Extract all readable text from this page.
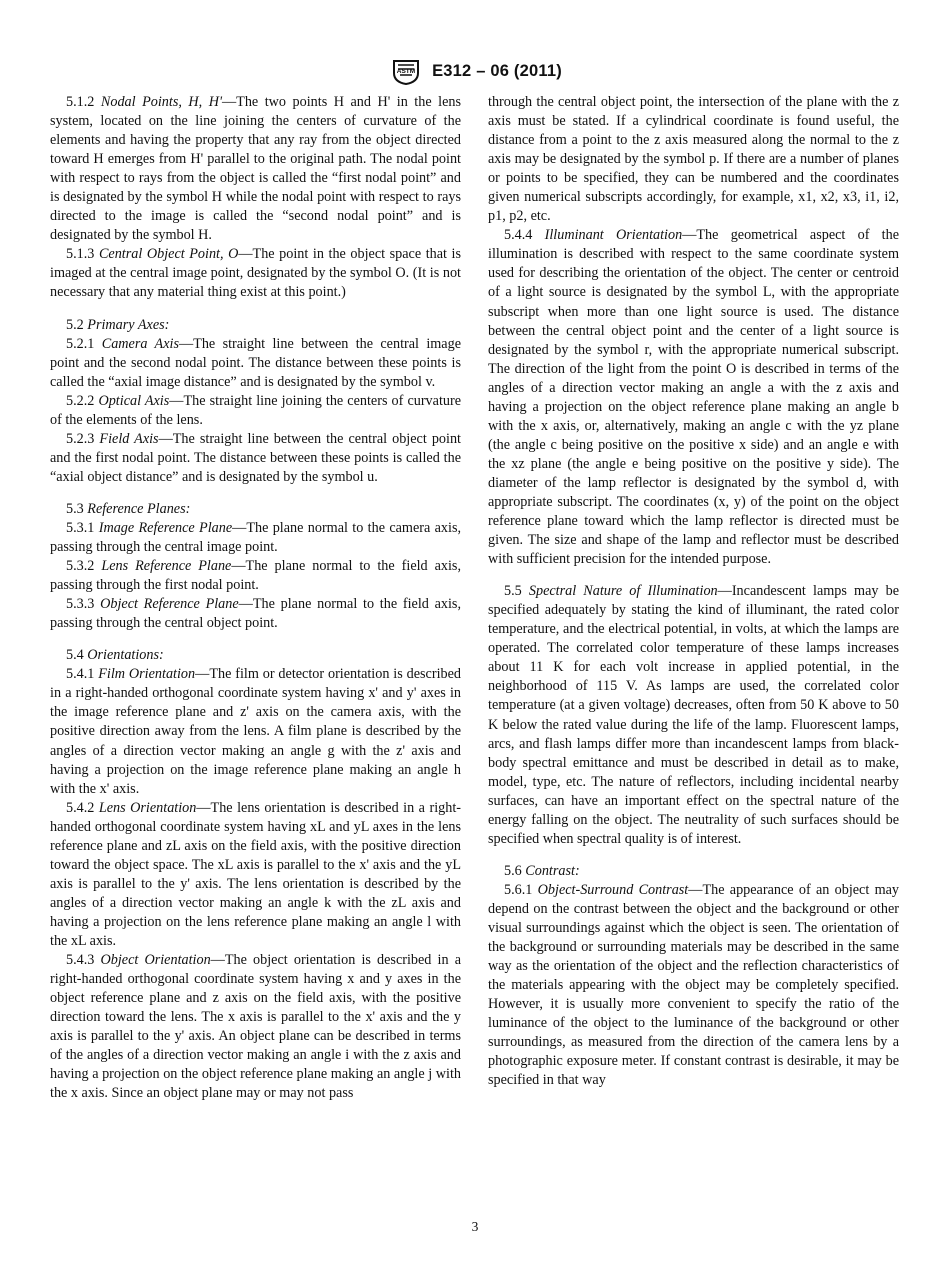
ASTM E312 – 06 (2011)

5.1.2 Nodal Points, H, H'—The two points H and H' in the lens system, located on the line joining the centers of curvature of the elements and having the property that any ray from the object directed toward H emerges from H' parallel to the original path. The nodal point with respect to rays from the object is called the “first nodal point” and is designated by the symbol H while the nodal point with respect to rays directed to the image is called the “second nodal point” and is designated by the symbol H.

5.1.3 Central Object Point, O—The point in the object space that is imaged at the central image point, designated by the symbol O. (It is not necessary that any material thing exist at this point.)

5.2 Primary Axes:

5.2.1 Camera Axis—The straight line between the central image point and the second nodal point. The distance between these points is called the “axial image distance” and is designated by the symbol v.

5.2.2 Optical Axis—The straight line joining the centers of curvature of the elements of the lens.

5.2.3 Field Axis—The straight line between the central object point and the first nodal point. The distance between these points is called the “axial object distance” and is designated by the symbol u.

5.3 Reference Planes:

5.3.1 Image Reference Plane—The plane normal to the camera axis, passing through the central image point.

5.3.2 Lens Reference Plane—The plane normal to the field axis, passing through the first nodal point.

5.3.3 Object Reference Plane—The plane normal to the field axis, passing through the central object point.

5.4 Orientations:

5.4.1 Film Orientation—The film or detector orientation is described in a right-handed orthogonal coordinate system having x' and y' axes in the image reference plane and z' axis on the camera axis, with the positive direction away from the lens. A film plane is described by the angles of a direction vector making an angle g with the z' axis and having a projection on the image reference plane making an angle h with the x' axis.

5.4.2 Lens Orientation—The lens orientation is described in a right-handed orthogonal coordinate system having xL and yL axes in the lens reference plane and zL axis on the field axis, with the positive direction toward the object space. The xL axis is parallel to the x' axis and the yL axis is parallel to the y' axis. The lens orientation is described by the angles of a direction vector making an angle k with the zL axis and having a projection on the lens reference plane making an angle l with the xL axis.

5.4.3 Object Orientation—The object orientation is described in a right-handed orthogonal coordinate system having x and y axes in the object reference plane and z axis on the field axis, with the positive direction toward the lens. The x axis is parallel to the x' axis and the y axis is parallel to the y' axis. An object plane can be described in terms of the angles of a direction vector making an angle i with the z axis and having a projection on the object reference plane making an angle j with the x axis. Since an object plane may or may not pass

through the central object point, the intersection of the plane with the z axis must be stated. If a cylindrical coordinate is found useful, the distance from a point to the z axis measured along the normal to the z axis may be designated by the symbol p. If there are a number of planes or points to be specified, they can be numbered and the coordinates given numerical subscripts accordingly, for example, x1, x2, x3, i1, i2, p1, p2, etc.

5.4.4 Illuminant Orientation—The geometrical aspect of the illumination is described with respect to the same coordinate system used for describing the orientation of the object. The center or centroid of a light source is designated by the symbol L, with the appropriate subscript when more than one light source is used. The distance between the central object point and the center of a light source is designated by the symbol r, with the appropriate numerical subscript. The direction of the light from the point O is described in terms of the angles of a direction vector making an angle a with the z axis and having a projection on the object reference plane making an angle b with the x axis, or, alternatively, making an angle c with the yz plane (the angle c being positive on the positive x side) and an angle e with the xz plane (the angle e being positive on the positive y side). The diameter of the lamp reflector is designated by the symbol d, with appropriate subscript. The coordinates (x, y) of the point on the object reference plane toward which the lamp reflector is directed must be given. The size and shape of the lamp and reflector must be described with sufficient precision for the intended purpose.

5.5 Spectral Nature of Illumination—Incandescent lamps may be specified adequately by stating the kind of illuminant, the rated color temperature, and the electrical potential, in volts, at which the lamps are operated. The correlated color temperature of these lamps increases about 11 K for each volt increase in applied potential, in the neighborhood of 115 V. As lamps are used, the correlated color temperature (at a given voltage) decreases, often from 50 K above to 50 K below the rated value during the life of the lamp. Fluorescent lamps, arcs, and flash lamps differ more than incandescent lamps from black-body spectral emittance and must be described in detail as to make, model, type, etc. The nature of reflectors, including incidental nearby surfaces, can have an important effect on the spectral nature of the energy falling on the object. The neutrality of such surfaces should be specified when spectral quality is of interest.

5.6 Contrast:

5.6.1 Object-Surround Contrast—The appearance of an object may depend on the contrast between the object and the background or other visual surroundings against which the object is seen. The orientation of the background or surrounding materials may be described in the same way as the orientation of the object and the reflection characteristics of the materials appearing with the object may be completely specified. However, it is usually more convenient to specify the ratio of the luminance of the object to the luminance of the background or other surroundings, as measured from the direction of the camera lens by a photographic exposure meter. If constant contrast is desirable, it may be specified in that way

3
